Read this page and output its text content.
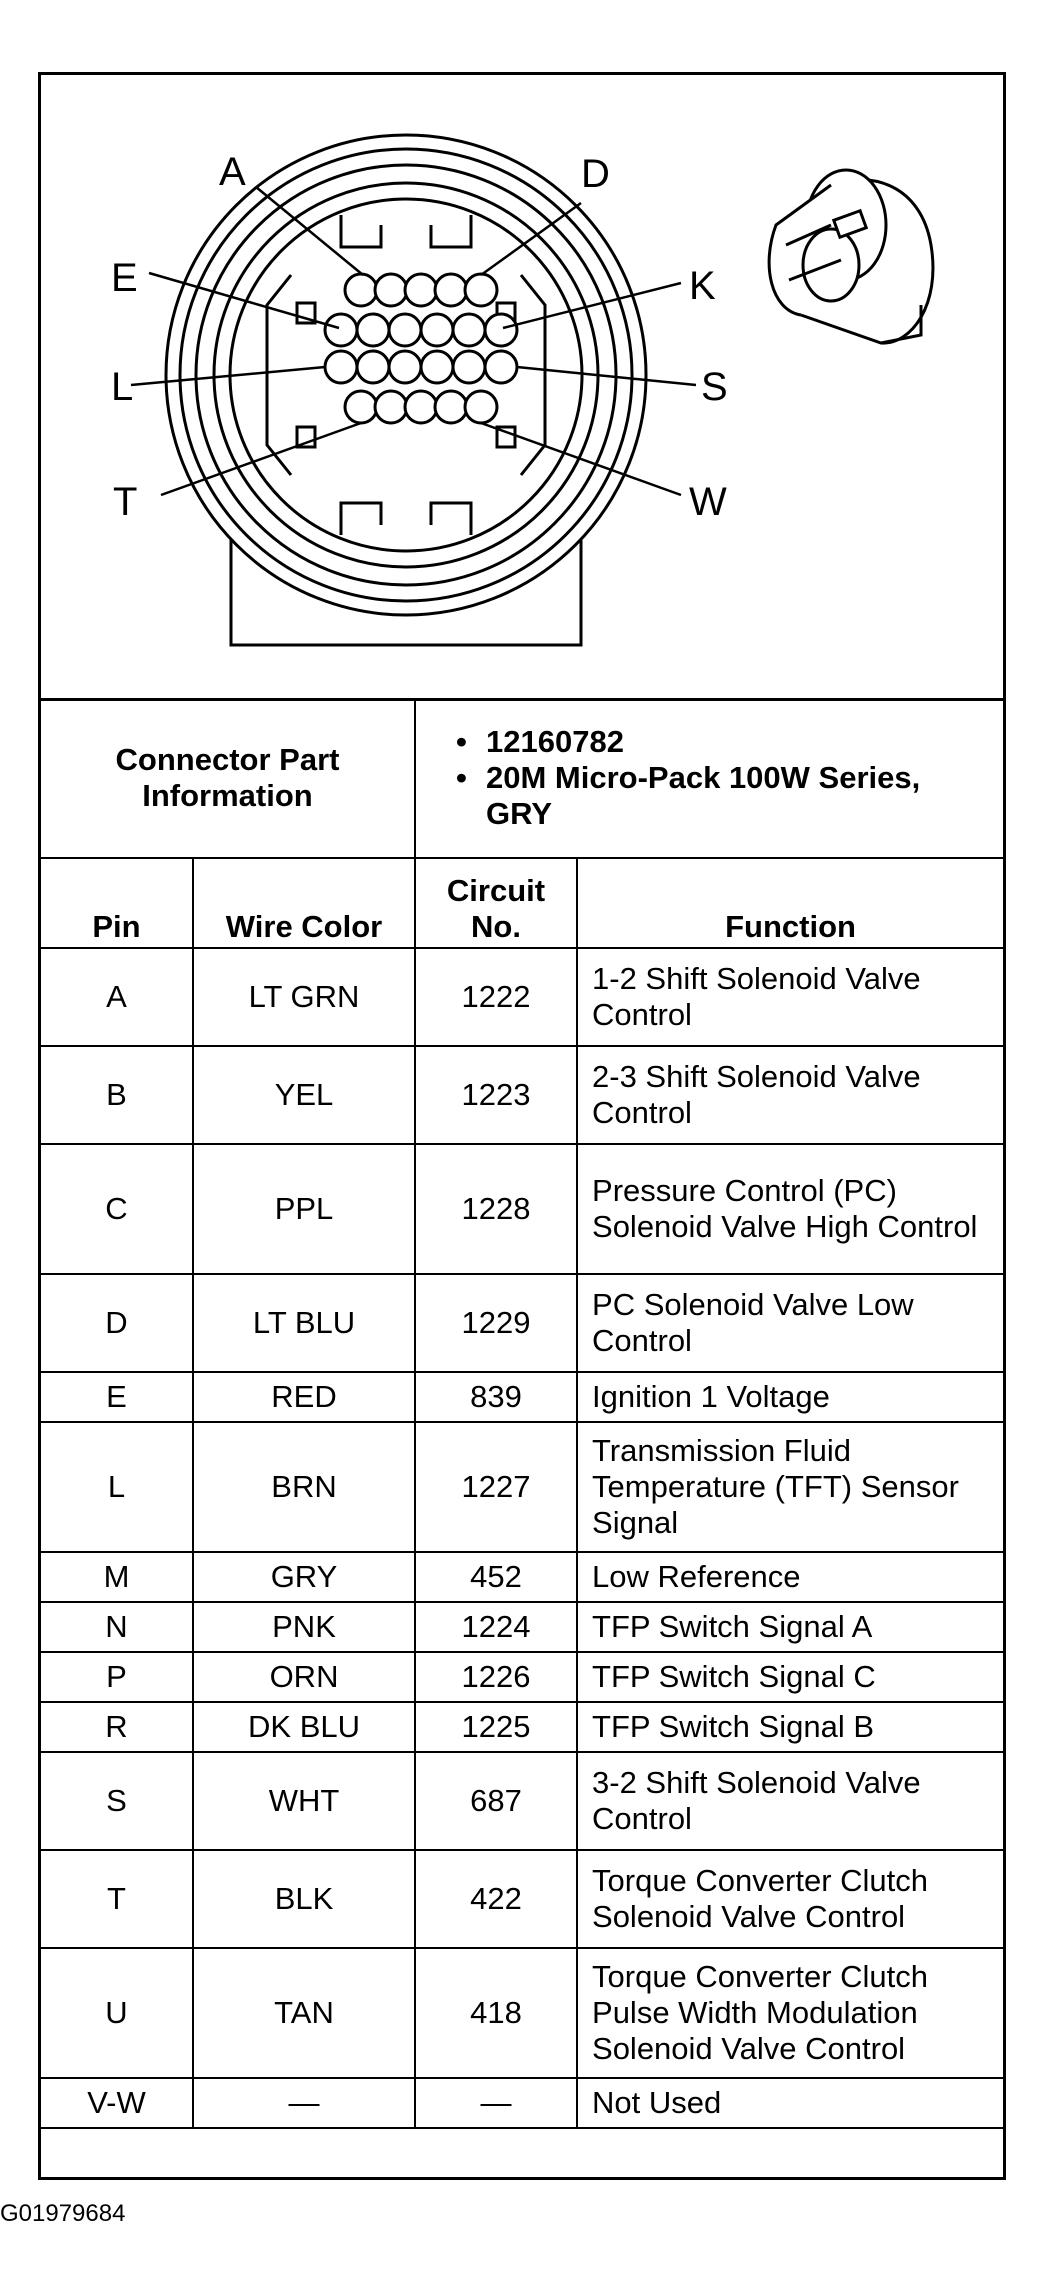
A	D
E	K
L	S
T	W
Connector Part Information		• 12160782
• 20M Micro-Pack 100W Series, GRY	

Pin	Wire Color	Circuit No.	Function
A	LT GRN	1222	1-2 Shift Solenoid Valve Control
B	YEL	1223	2-3 Shift Solenoid Valve Control
C	PPL	1228	Pressure Control (PC) Solenoid Valve High Control
D	LT BLU	1229	PC Solenoid Valve Low Control
E	RED	839	Ignition 1 Voltage
L	BRN	1227	Transmission Fluid Temperature (TFT) Sensor Signal
M	GRY	452	Low Reference
N	PNK	1224	TFP Switch Signal A
P	ORN	1226	TFP Switch Signal C
R	DK BLU	1225	TFP Switch Signal B
S	WHT	687	3-2 Shift Solenoid Valve Control
T	BLK	422	Torque Converter Clutch Solenoid Valve Control
U	TAN	418	Torque Converter Clutch Pulse Width Modulation Solenoid Valve Control
V-W	—	—	Not Used
G01979684
